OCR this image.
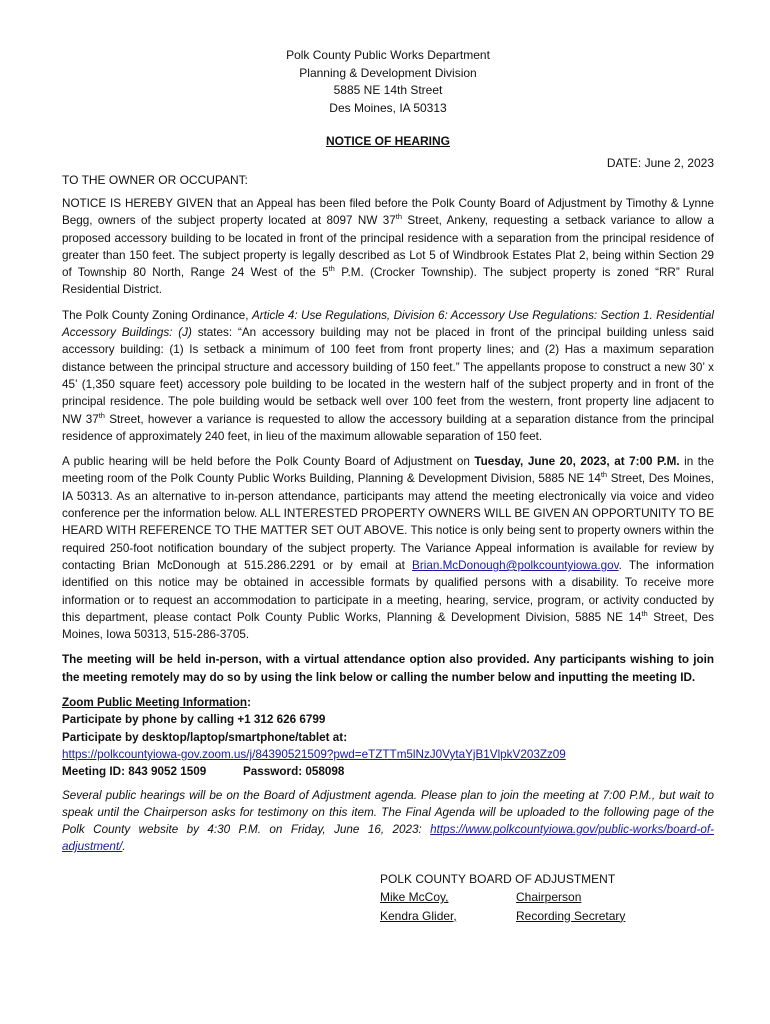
Polk County Public Works Department
Planning & Development Division
5885 NE 14th Street
Des Moines, IA 50313
NOTICE OF HEARING
DATE: June 2, 2023
TO THE OWNER OR OCCUPANT:

NOTICE IS HEREBY GIVEN that an Appeal has been filed before the Polk County Board of Adjustment by Timothy & Lynne Begg, owners of the subject property located at 8097 NW 37th Street, Ankeny, requesting a setback variance to allow a proposed accessory building to be located in front of the principal residence with a separation from the principal residence of greater than 150 feet. The subject property is legally described as Lot 5 of Windbrook Estates Plat 2, being within Section 29 of Township 80 North, Range 24 West of the 5th P.M. (Crocker Township). The subject property is zoned “RR” Rural Residential District.

The Polk County Zoning Ordinance, Article 4: Use Regulations, Division 6: Accessory Use Regulations: Section 1. Residential Accessory Buildings: (J) states: “An accessory building may not be placed in front of the principal building unless said accessory building: (1) Is setback a minimum of 100 feet from front property lines; and (2) Has a maximum separation distance between the principal structure and accessory building of 150 feet.” The appellants propose to construct a new 30’ x 45’ (1,350 square feet) accessory pole building to be located in the western half of the subject property and in front of the principal residence. The pole building would be setback well over 100 feet from the western, front property line adjacent to NW 37th Street, however a variance is requested to allow the accessory building at a separation distance from the principal residence of approximately 240 feet, in lieu of the maximum allowable separation of 150 feet.

A public hearing will be held before the Polk County Board of Adjustment on Tuesday, June 20, 2023, at 7:00 P.M. in the meeting room of the Polk County Public Works Building, Planning & Development Division, 5885 NE 14th Street, Des Moines, IA 50313. As an alternative to in-person attendance, participants may attend the meeting electronically via voice and video conference per the information below. ALL INTERESTED PROPERTY OWNERS WILL BE GIVEN AN OPPORTUNITY TO BE HEARD WITH REFERENCE TO THE MATTER SET OUT ABOVE. This notice is only being sent to property owners within the required 250-foot notification boundary of the subject property. The Variance Appeal information is available for review by contacting Brian McDonough at 515.286.2291 or by email at Brian.McDonough@polkcountyiowa.gov. The information identified on this notice may be obtained in accessible formats by qualified persons with a disability. To receive more information or to request an accommodation to participate in a meeting, hearing, service, program, or activity conducted by this department, please contact Polk County Public Works, Planning & Development Division, 5885 NE 14th Street, Des Moines, Iowa 50313, 515-286-3705.

The meeting will be held in-person, with a virtual attendance option also provided. Any participants wishing to join the meeting remotely may do so by using the link below or calling the number below and inputting the meeting ID.

Zoom Public Meeting Information:
Participate by phone by calling +1 312 626 6799
Participate by desktop/laptop/smartphone/tablet at:
https://polkcountyiowa-gov.zoom.us/j/84390521509?pwd=eTZTTm5lNzJ0VytaYjB1VlpkV203Zz09
Meeting ID: 843 9052 1509	Password: 058098

Several public hearings will be on the Board of Adjustment agenda. Please plan to join the meeting at 7:00 P.M., but wait to speak until the Chairperson asks for testimony on this item. The Final Agenda will be uploaded to the following page of the Polk County website by 4:30 P.M. on Friday, June 16, 2023: https://www.polkcountyiowa.gov/public-works/board-of-adjustment/.

POLK COUNTY BOARD OF ADJUSTMENT
Mike McCoy,	Chairperson
Kendra Glider,	Recording Secretary
